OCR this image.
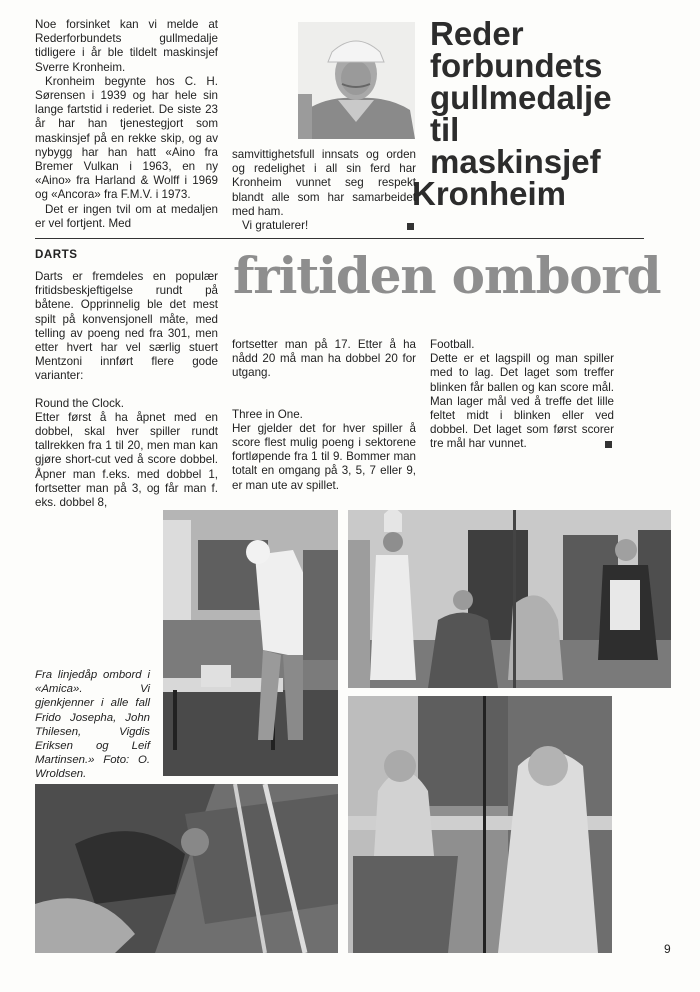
Noe forsinket kan vi melde at Rederforbundets gullmedalje tidligere i år ble tildelt maskinsjef Sverre Kronheim.

Kronheim begynte hos C. H. Sørensen i 1939 og har hele sin lange fartstid i rederiet. De siste 23 år har han tjenestegjort som maskinsjef på en rekke skip, og av nybygg har han hatt «Aino fra Bremer Vulkan i 1963, en ny «Aino» fra Harland & Wolff i 1969 og «Ancora» fra F.M.V. i 1973.

Det er ingen tvil om at medaljen er vel fortjent. Med

Reder
forbundets
gullmedalje
til
maskinsjef
Kronheim

samvittighetsfull innsats og orden og redelighet i all sin ferd har Kronheim vunnet seg respekt blandt alle som har samarbeidet med ham.

Vi gratulerer!

DARTS	fritiden ombord

Darts er fremdeles en populær fritidsbeskjeftigelse rundt på båtene. Opprinnelig ble det mest spilt på konvensjonell måte, med telling av poeng ned fra 301, men etter hvert har vel særlig stuert Mentzoni innført flere gode varianter:

Round the Clock.

Etter først å ha åpnet med en dobbel, skal hver spiller rundt tallrekken fra 1 til 20, men man kan gjøre short-cut ved å score dobbel. Åpner man f.eks. med dobbel 1, fortsetter man på 3, og får man f. eks. dobbel 8,

fortsetter man på 17. Etter å ha nådd 20 må man ha dobbel 20 for utgang.

Three in One.

Her gjelder det for hver spiller å score flest mulig poeng i sektorene fortløpende fra 1 til 9. Bommer man totalt en omgang på 3, 5, 7 eller 9, er man ute av spillet.

Football.

Dette er et lagspill og man spiller med to lag. Det laget som treffer blinken får ballen og kan score mål. Man lager mål ved å treffe det lille feltet midt i blinken eller ved dobbel. Det laget som først scorer tre mål har vunnet.

Fra linjedåp ombord i «Amica». Vi gjenkjenner i alle fall Frido Josepha, John Thilesen, Vigdis Eriksen og Leif Martinsen.» Foto: O. Wroldsen.
9
